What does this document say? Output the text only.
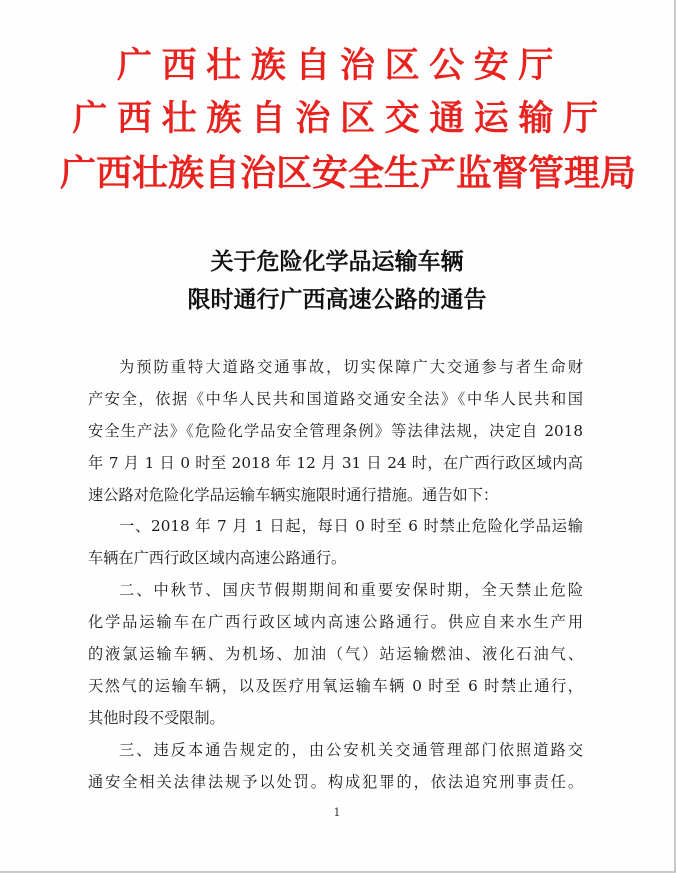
广西壮族自治区公安厅
广西壮族自治区交通运输厅
广西壮族自治区安全生产监督管理局
关于危险化学品运输车辆
限时通行广西高速公路的通告
为预防重特大道路交通事故，切实保障广大交通参与者生命财
产安全，依据《中华人民共和国道路交通安全法》《中华人民共和国
安全生产法》《危险化学品安全管理条例》等法律法规，决定自 2018
年 7 月 1 日 0 时至 2018 年 12 月 31 日 24 时，在广西行政区域内高
速公路对危险化学品运输车辆实施限时通行措施。通告如下：
一、2018 年 7 月 1 日起，每日 0 时至 6 时禁止危险化学品运输
车辆在广西行政区域内高速公路通行。
二、中秋节、国庆节假期期间和重要安保时期，全天禁止危险
化学品运输车在广西行政区域内高速公路通行。供应自来水生产用
的液氯运输车辆、为机场、加油（气）站运输燃油、液化石油气、
天然气的运输车辆，以及医疗用氧运输车辆 0 时至 6 时禁止通行，
其他时段不受限制。
三、违反本通告规定的，由公安机关交通管理部门依照道路交
通安全相关法律法规予以处罚。构成犯罪的，依法追究刑事责任。
1
